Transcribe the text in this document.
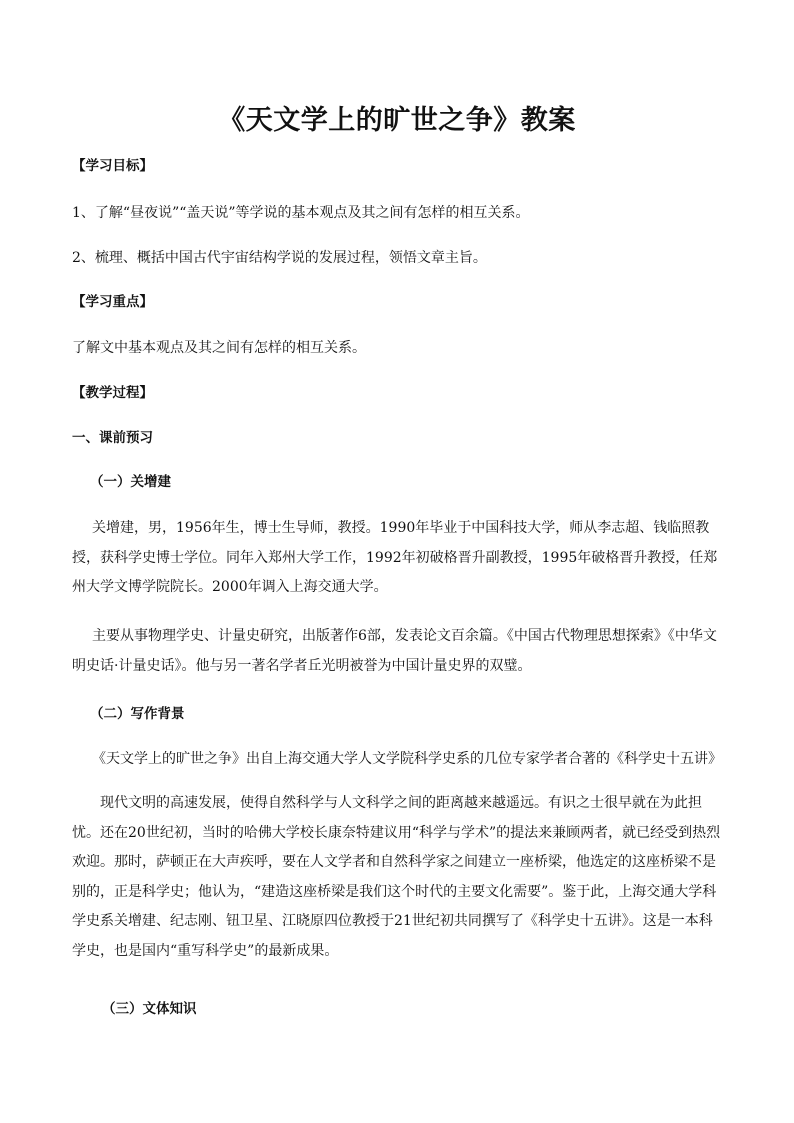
《天文学上的旷世之争》教案
【学习目标】
1、了解“昼夜说”“盖天说”等学说的基本观点及其之间有怎样的相互关系。
2、梳理、概括中国古代宇宙结构学说的发展过程，领悟文章主旨。
【学习重点】
了解文中基本观点及其之间有怎样的相互关系。
【教学过程】
一、课前预习
（一）关增建
关增建，男，1956年生，博士生导师，教授。1990年毕业于中国科技大学，师从李志超、钱临照教授，获科学史博士学位。同年入郑州大学工作，1992年初破格晋升副教授，1995年破格晋升教授，任郑州大学文博学院院长。2000年调入上海交通大学。
主要从事物理学史、计量史研究，出版著作6部，发表论文百余篇。《中国古代物理思想探索》《中华文明史话·计量史话》。他与另一著名学者丘光明被誉为中国计量史界的双璧。
（二）写作背景
《天文学上的旷世之争》出自上海交通大学人文学院科学史系的几位专家学者合著的《科学史十五讲》
现代文明的高速发展，使得自然科学与人文科学之间的距离越来越遥远。有识之士很早就在为此担忧。还在20世纪初，当时的哈佛大学校长康奈特建议用“科学与学术”的提法来兼顾两者，就已经受到热烈欢迎。那时，萨顿正在大声疾呼，要在人文学者和自然科学家之间建立一座桥梁，他选定的这座桥梁不是别的，正是科学史；他认为，“建造这座桥梁是我们这个时代的主要文化需要”。鉴于此，上海交通大学科学史系关增建、纪志刚、钮卫星、江晓原四位教授于21世纪初共同撰写了《科学史十五讲》。这是一本科学史，也是国内“重写科学史”的最新成果。
（三）文体知识
